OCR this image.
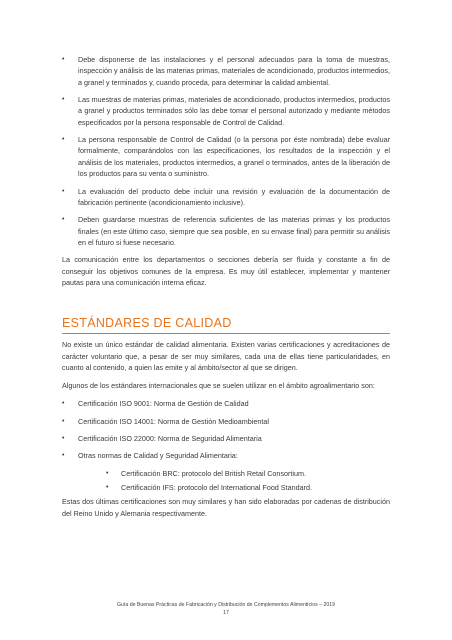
• Debe disponerse de las instalaciones y el personal adecuados para la toma de muestras, inspección y análisis de las materias primas, materiales de acondicionado, productos intermedios, a granel y terminados y, cuando proceda, para determinar la calidad ambiental.
• Las muestras de materias primas, materiales de acondicionado, productos intermedios, productos a granel y productos terminados sólo las debe tomar el personal autorizado y mediante métodos especificados por la persona responsable de Control de Calidad.
• La persona responsable de Control de Calidad (o la persona por éste nombrada) debe evaluar formalmente, comparándolos con las especificaciones, los resultados de la inspección y el análisis de los materiales, productos intermedios, a granel o terminados, antes de la liberación de los productos para su venta o suministro.
• La evaluación del producto debe incluir una revisión y evaluación de la documentación de fabricación pertinente (acondicionamiento inclusive).
• Deben guardarse muestras de referencia suficientes de las materias primas y los productos finales (en este último caso, siempre que sea posible, en su envase final) para permitir su análisis en el futuro si fuese necesario.

La comunicación entre los departamentos o secciones debería ser fluida y constante a fin de conseguir los objetivos comunes de la empresa. Es muy útil establecer, implementar y mantener pautas para una comunicación interna eficaz.

ESTÁNDARES DE CALIDAD

No existe un único estándar de calidad alimentaria. Existen varias certificaciones y acreditaciones de carácter voluntario que, a pesar de ser muy similares, cada una de ellas tiene particularidades, en cuanto al contenido, a quien las emite y al ámbito/sector al que se dirigen.

Algunos de los estándares internacionales que se suelen utilizar en el ámbito agroalimentario son:

• Certificación ISO 9001: Norma de Gestión de Calidad
• Certificación ISO 14001: Norma de Gestión Medioambiental
• Certificación ISO 22000: Norma de Seguridad Alimentaria
• Otras normas de Calidad y Seguridad Alimentaria:
• Certificación BRC: protocolo del British Retail Consortium.
• Certificación IFS: protocolo del International Food Standard.

Estas dos últimas certificaciones son muy similares y han sido elaboradas por cadenas de distribución del Reino Unido y Alemania respectivamente.

Guía de Buenas Prácticas de Fabricación y Distribución de Complementos Alimenticios – 2019
17
